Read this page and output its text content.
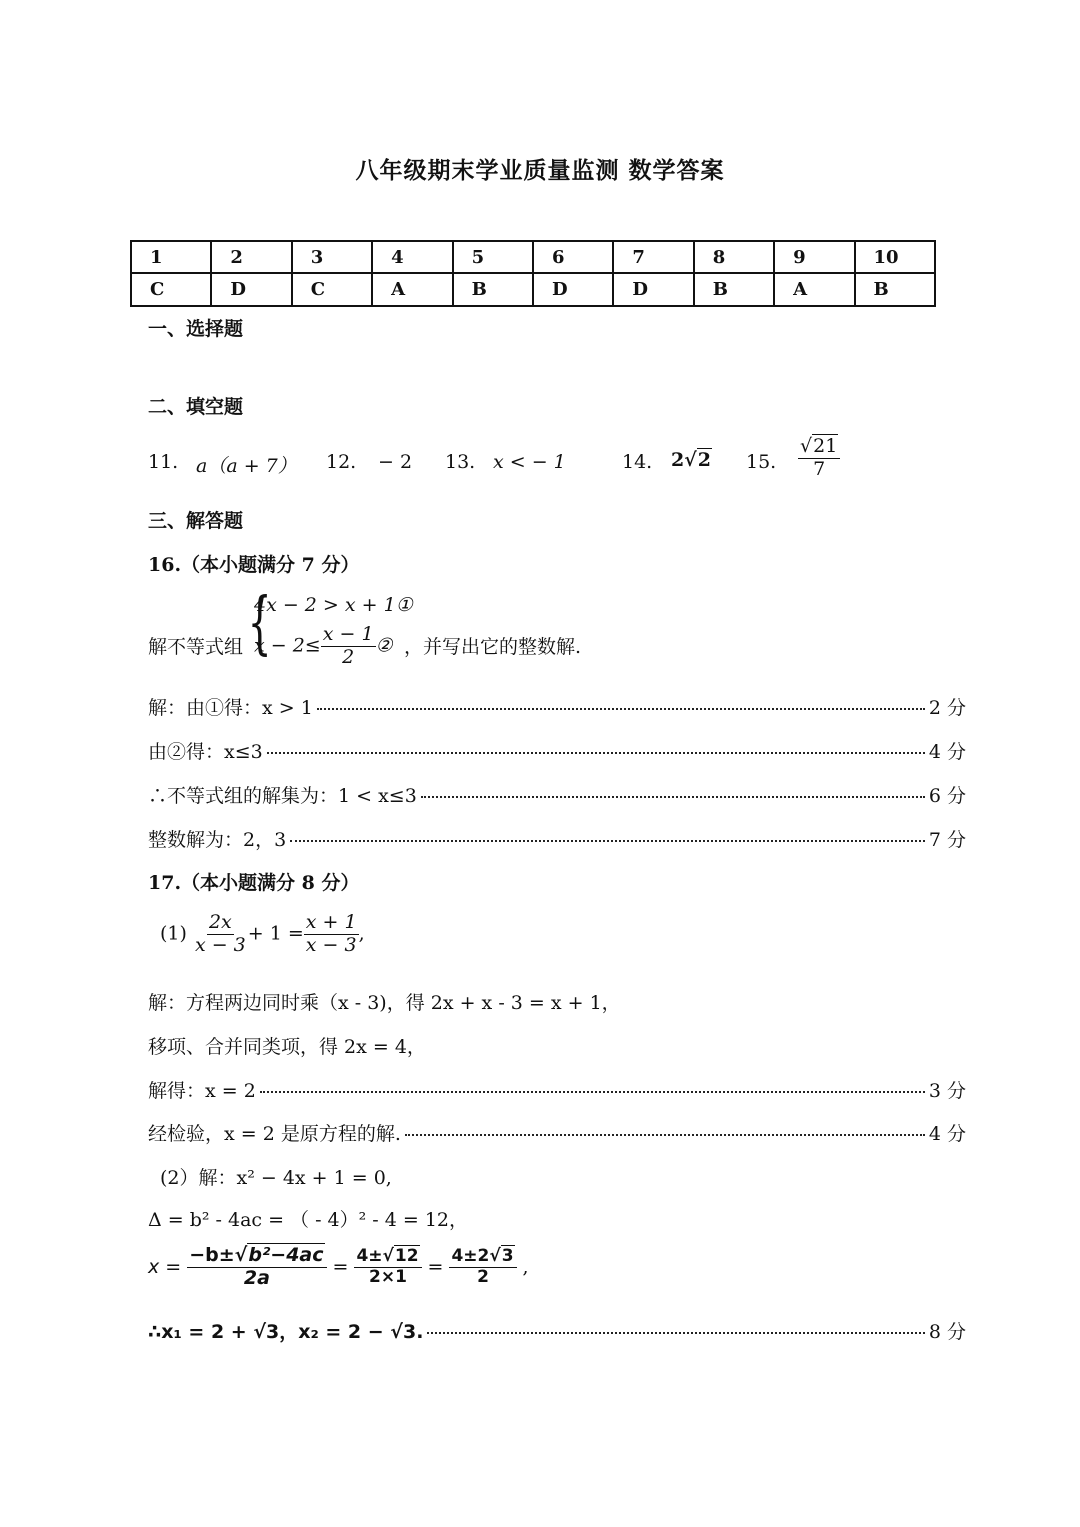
八年级期末学业质量监测 数学答案
1	2	3	4	5	6	7	8	9	10
C	D	C	A	B	D	D	B	A	B
一、选择题
二、填空题
11. a（a + 7） 12. − 2 13. x < − 1	14. 2√2 15. $\frac{√21}{7}$
三、解答题
16.（本小题满分 7 分）
解不等式组 {
4x − 2 > x + 1①
$x - 2\le \frac{x - 1}{2}$ ② ，并写出它的整数解.
解：由①得：x > 1	2 分
由②得：x≤3	4 分
∴不等式组的解集为：1 < x≤3	6 分
整数解为：2，3	7 分
17.（本小题满分 8 分）
$(1) \frac{2x}{x - 3} + 1 = \frac{x + 1}{x - 3}$ ,
解：方程两边同时乘（x - 3)，得 2x + x - 3 = x + 1，
移项、合并同类项，得 2x = 4，
解得：x = 2	3 分
经检验，x = 2 是原方程的解.	4 分
(2）解：x² − 4x + 1 = 0,
Δ = b² - 4ac = （ - 4）² - 4 = 12，
$x = \frac{\text{−b±√b²−4ac}}{2a} = \frac{4\pm√12}{2\times 1} = \frac{4\pm 2√3}{2}$ ,
∴x₁ = 2 + √3，x₂ = 2 − √3.	8 分
